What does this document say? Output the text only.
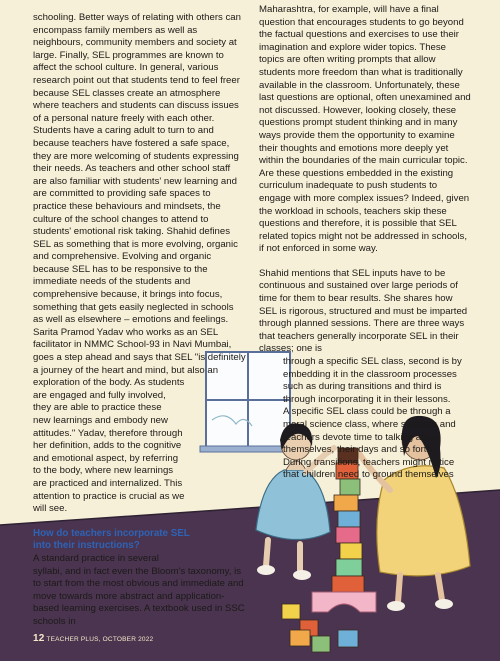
schooling. Better ways of relating with others can encompass family members as well as neighbours, community members and society at large. Finally, SEL programmes are known to affect the school culture. In general, various research point out that students tend to feel freer because SEL classes create an atmosphere where teachers and students can discuss issues of a personal nature freely with each other. Students have a caring adult to turn to and because teachers have fostered a safe space, they are more welcoming of students expressing their needs. As teachers and other school staff are also familiar with students' new learning and are committed to providing safe spaces to practice these behaviours and mindsets, the culture of the school changes to attend to students' emotional risk taking. Shahid defines SEL as something that is more evolving, organic and comprehensive. Evolving and organic because SEL has to be responsive to the immediate needs of the students and comprehensive because, it brings into focus, something that gets easily neglected in schools as well as elsewhere – emotions and feelings. Sarita Pramod Yadav who works as an SEL facilitator in NMMC School-93 in Navi Mumbai, goes a step ahead and says that SEL "is definitely a journey of the heart and mind, but also an
exploration of the body. As students
are engaged and fully involved,
they are able to practice these
new learnings and embody new
attitudes." Yadav, therefore through
her definition, adds to the cognitive
and emotional aspect, by referring
to the body, where new learnings
are practiced and internalized. This
attention to practice is crucial as we
will see.

How do teachers incorporate SEL
into their instructions?

A standard practice in several
syllabi, and in fact even the Bloom's taxonomy, is to start from the most obvious and immediate and move towards more abstract and application-based learning exercises. A textbook used in SSC schools in

Maharashtra, for example, will have a final question that encourages students to go beyond the factual questions and exercises to use their imagination and explore wider topics. These topics are often writing prompts that allow students more freedom than what is traditionally available in the classroom. Unfortunately, these last questions are optional, often unexamined and not discussed. However, looking closely, these questions prompt student thinking and in many ways provide them the opportunity to examine their thoughts and emotions more deeply yet within the boundaries of the main curricular topic. Are these questions embedded in the existing curriculum inadequate to push students to engage with more complex issues? Indeed, given the workload in schools, teachers skip these questions and therefore, it is possible that SEL related topics might not be addressed in schools, if not enforced in some way.

Shahid mentions that SEL inputs have to be continuous and sustained over large periods of time for them to bear results. She shares how SEL is rigorous, structured and must be imparted through planned sessions. There are three ways that teachers generally incorporate SEL in their classes; one is
through a specific SEL class, second is by
embedding it in the classroom processes
such as during transitions and third is
through incorporating it in their lessons.
A specific SEL class could be through a
moral science class, where students and
teachers devote time to talking about
themselves, their days and so forth.
During transitions, teachers might notice
that children need to ground themselves

12 TEACHER PLUS, OCTOBER 2022
